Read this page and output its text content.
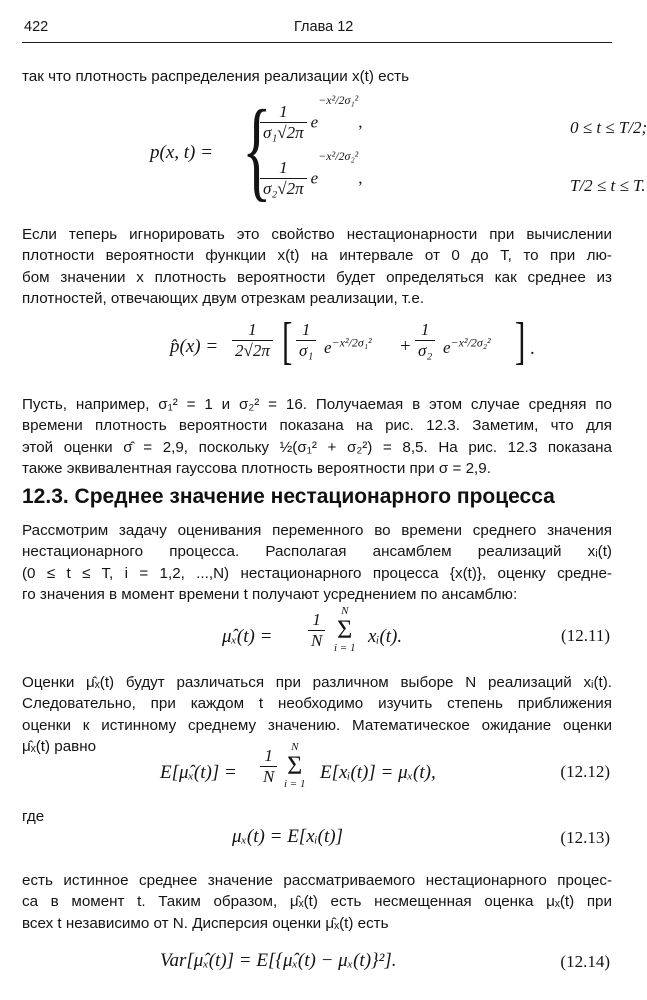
422	Глава 12
так что плотность распределения реализации x(t) есть
p(x, t) = {
$\frac{1}{\text{σ₁√2π}} e^{-x^2/2\sigma_1^2}$,	0 ≤ t ≤ T/2;
$\frac{1}{\text{σ₂√2π}} e^{-x^2/2\sigma_2^2}$,	T/2 ≤ t ≤ T.
Если теперь игнорировать это свойство нестационарности при вычислении
плотности вероятности функции x(t) на интервале от 0 до T, то при лю-
бом значении x плотность вероятности будет определяться как среднее из
плотностей, отвечающих двум отрезкам реализации, т.е.
p̂(x) = $\frac{1}{2√2\pi}$ [ $\frac{1}{\text{σ₁}} e^{-x^2/2\sigma_1^2} + \frac{1}{\text{σ₂}} e^{-x^2/2\sigma_2^2}$ ] .
Пусть, например, σ₁² = 1 и σ₂² = 16. Получаемая в этом случае средняя по
времени плотность вероятности показана на рис. 12.3. Заметим, что для
этой оценки σ̂ = 2,9, поскольку ½(σ₁² + σ₂²) = 8,5. На рис. 12.3 показана
также эквивалентная гауссова плотность вероятности при σ = 2,9.
12.3. Среднее значение нестационарного процесса
Рассмотрим задачу оценивания переменного во времени среднего значения
нестационарного процесса. Располагая ансамблем реализаций xᵢ(t)
(0 ≤ t ≤ T, i = 1,2, ...,N) нестационарного процесса {x(t)}, оценку средне-
го значения в момент времени t получают усреднением по ансамблю:
μ̂ₓ(t) = $\frac{1}{N}$	N
Σ
i = 1
xᵢ(t).	(12.11)
Оценки μ̂ₓ(t) будут различаться при различном выборе N реализаций xᵢ(t).
Следовательно, при каждом t необходимо изучить степень приближения
оценки к истинному среднему значению. Математическое ожидание оценки
μ̂ₓ(t) равно
E[μ̂ₓ(t)] = $\frac{1}{N}$	N
Σ
i = 1
E[xᵢ(t)] = μₓ(t),	(12.12)
где
μₓ(t) = E[xᵢ(t)]	(12.13)
есть истинное среднее значение рассматриваемого нестационарного процес-
са в момент t. Таким образом, μ̂ₓ(t) есть несмещенная оценка μₓ(t) при
всех t независимо от N. Дисперсия оценки μ̂ₓ(t) есть
Var[μ̂ₓ(t)] = E[{μ̂ₓ(t) − μₓ(t)}²].	(12.14)
